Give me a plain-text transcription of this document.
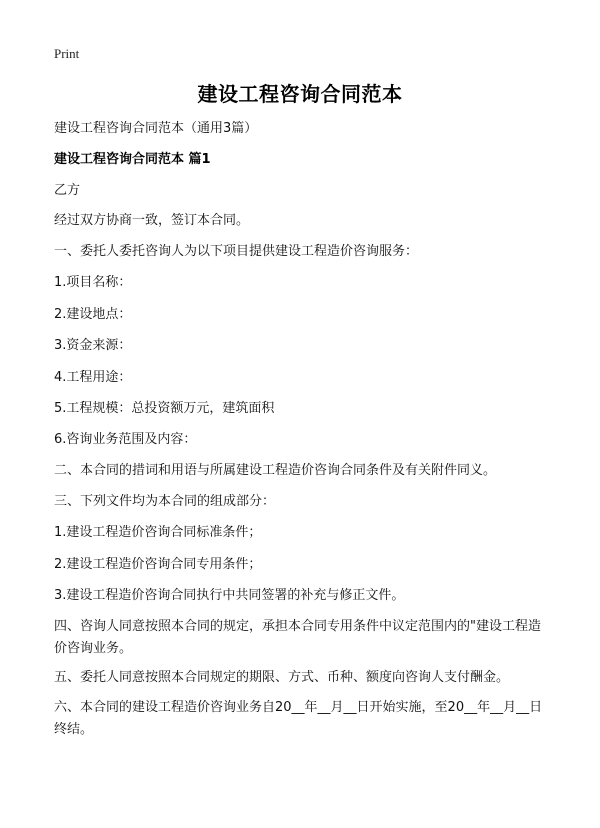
Print
建设工程咨询合同范本

建设工程咨询合同范本（通用3篇）

建设工程咨询合同范本 篇1

乙方

经过双方协商一致，签订本合同。

一、委托人委托咨询人为以下项目提供建设工程造价咨询服务：

1.项目名称：

2.建设地点：

3.资金来源：

4.工程用途：

5.工程规模：总投资额万元，建筑面积

6.咨询业务范围及内容：

二、本合同的措词和用语与所属建设工程造价咨询合同条件及有关附件同义。

三、下列文件均为本合同的组成部分：

1.建设工程造价咨询合同标准条件；

2.建设工程造价咨询合同专用条件；

3.建设工程造价咨询合同执行中共同签署的补充与修正文件。

四、咨询人同意按照本合同的规定，承担本合同专用条件中议定范围内的"建设工程造价咨询业务。

五、委托人同意按照本合同规定的期限、方式、币种、额度向咨询人支付酬金。

六、本合同的建设工程造价咨询业务自20__年__月__日开始实施，至20__年__月__日终结。
